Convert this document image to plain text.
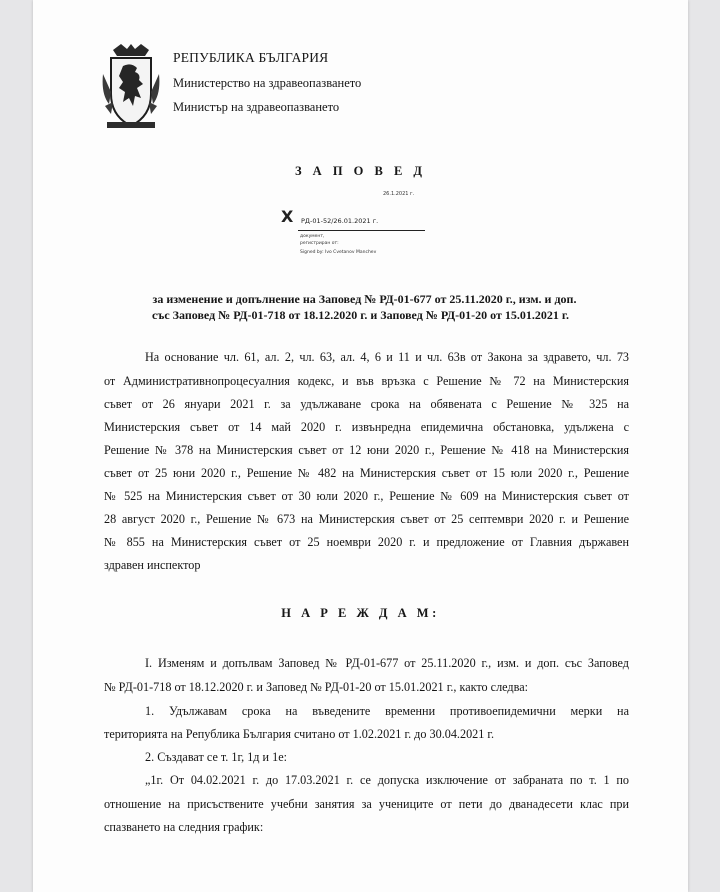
РЕПУБЛИКА БЪЛГАРИЯ
Министерство на здравеопазването
Министър на здравеопазването
З А П О В Е Д
26.1.2021 г.
X РД-01-52/26.01.2021 г.
документ,
регистриран от:
Signed by: Ivo Cvetanov Manchev
за изменение и допълнение на Заповед № РД-01-677 от 25.11.2020 г., изм. и доп.
със Заповед № РД-01-718 от 18.12.2020 г. и Заповед № РД-01-20 от 15.01.2021 г.
На основание чл. 61, ал. 2, чл. 63, ал. 4, 6 и 11 и чл. 63в от Закона за здравето, чл. 73
от Административнопроцесуалния кодекс, и във връзка с Решение № 72 на Министерския
съвет от 26 януари 2021 г. за удължаване срока на обявената с Решение № 325 на
Министерския съвет от 14 май 2020 г. извънредна епидемична обстановка, удължена с
Решение № 378 на Министерския съвет от 12 юни 2020 г., Решение № 418 на Министерския
съвет от 25 юни 2020 г., Решение № 482 на Министерския съвет от 15 юли 2020 г., Решение
№ 525 на Министерския съвет от 30 юли 2020 г., Решение № 609 на Министерския съвет от
28 август 2020 г., Решение № 673 на Министерския съвет от 25 септември 2020 г. и Решение
№ 855 на Министерския съвет от 25 ноември 2020 г. и предложение от Главния държавен
здравен инспектор
Н А Р Е Ж Д А М:
I. Изменям и допълвам Заповед № РД-01-677 от 25.11.2020 г., изм. и доп. със Заповед
№ РД-01-718 от 18.12.2020 г. и Заповед № РД-01-20 от 15.01.2021 г., както следва:
1. Удължавам срока на въведените временни противоепидемични мерки на
територията на Република България считано от 1.02.2021 г. до 30.04.2021 г.
2. Създават се т. 1г, 1д и 1е:
„1г. От 04.02.2021 г. до 17.03.2021 г. се допуска изключение от забраната по т. 1 по
отношение на присъствените учебни занятия за учениците от пети до дванадесети клас при
спазването на следния график:
